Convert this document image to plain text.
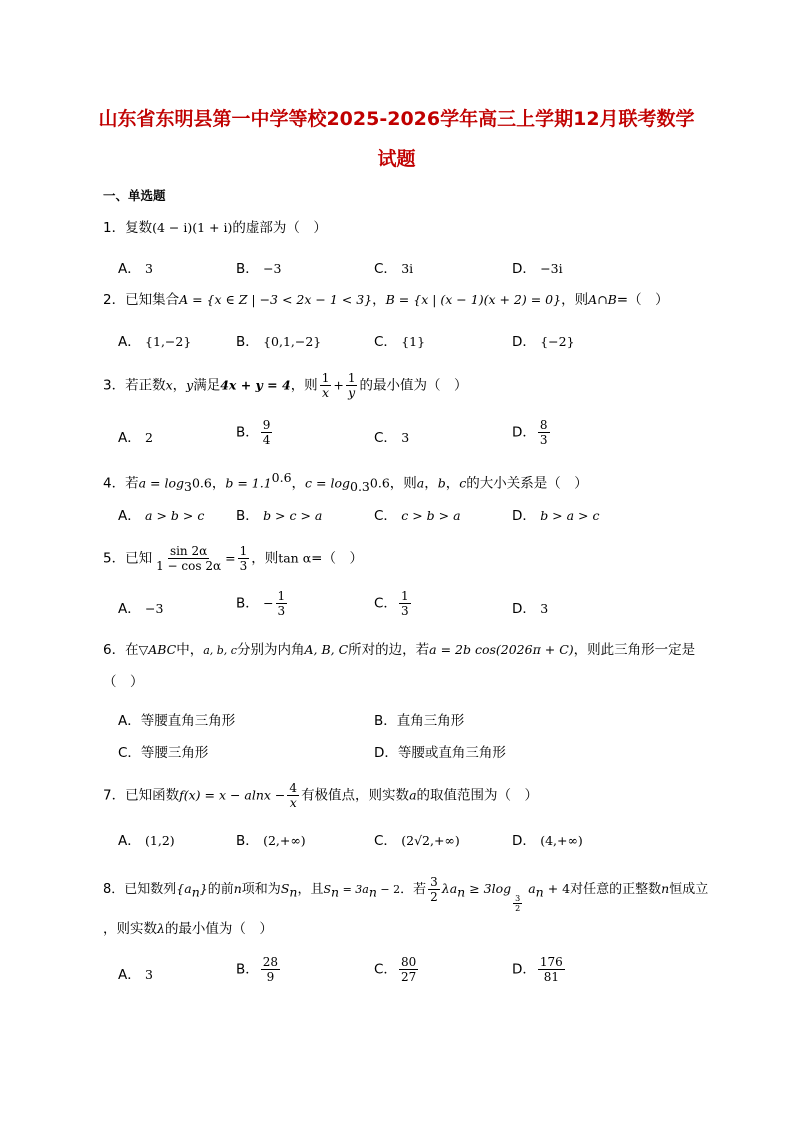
山东省东明县第一中学等校2025-2026学年高三上学期12月联考数学
试题
一、单选题
1．复数(4 − i)(1 + i)的虚部为（　）
A． 3	B． −3	C． 3i	D． −3i
2．已知集合A = {x ∈ Z | −3 < 2x − 1 < 3}，B = {x | (x − 1)(x + 2) = 0}，则A∩B=（　）
A． {1,−2}	B． {0,1,−2}	C． {1}	D． {−2}
3．若正数x，y满足4x + y = 4，则 $\frac{1}{x} + \frac{1}{y}$ 的最小值为（　）
A． 2	B． $\frac{9}{4}$	C． 3	D． $\frac{8}{3}$
4．若$a = \log_30.6$，$b = 1.1^{0.6}$，$c = \log_{0.3}0.6$，则a，b，c的大小关系是（　）
A． a > b > c B． b > c > a	C． c > b > a	D． b > a > c
5．已知 $\frac{\sin 2\alpha}{1 - \cos 2\alpha} = \frac{1}{3}$ ，则tan α=（　）
A． −3	B． − $\frac{1}{3}$	C． $\frac{1}{3}$	D． 3
6．在▽ABC中，a, b, c分别为内角A, B, C所对的边，若a = 2b cos(2026π + C)，则此三角形一定是
（　）
A．等腰直角三角形	B．直角三角形
C．等腰三角形	D．等腰或直角三角形
7．已知函数$f(x) = x - alnx - \frac{4}{x}$ 有极值点，则实数a的取值范围为（　）
A． (1,2)	B． (2,+∞)	C． (2√2,+∞)	D． (4,+∞)
8．已知数列$\{a_n\}$的前n项和为$S_n$，且$S_n = 3a_n - 2$．若 $\frac{3}{2} \lambda a_n \ge 3\log$
$\frac{3}{2}$
$a_n + 4$对任意的正整数n恒成立
，则实数λ的最小值为（　）
A． 3	B． $\frac{28}{9}$	C． $\frac{80}{27}$	D． $\frac{176}{81}$
